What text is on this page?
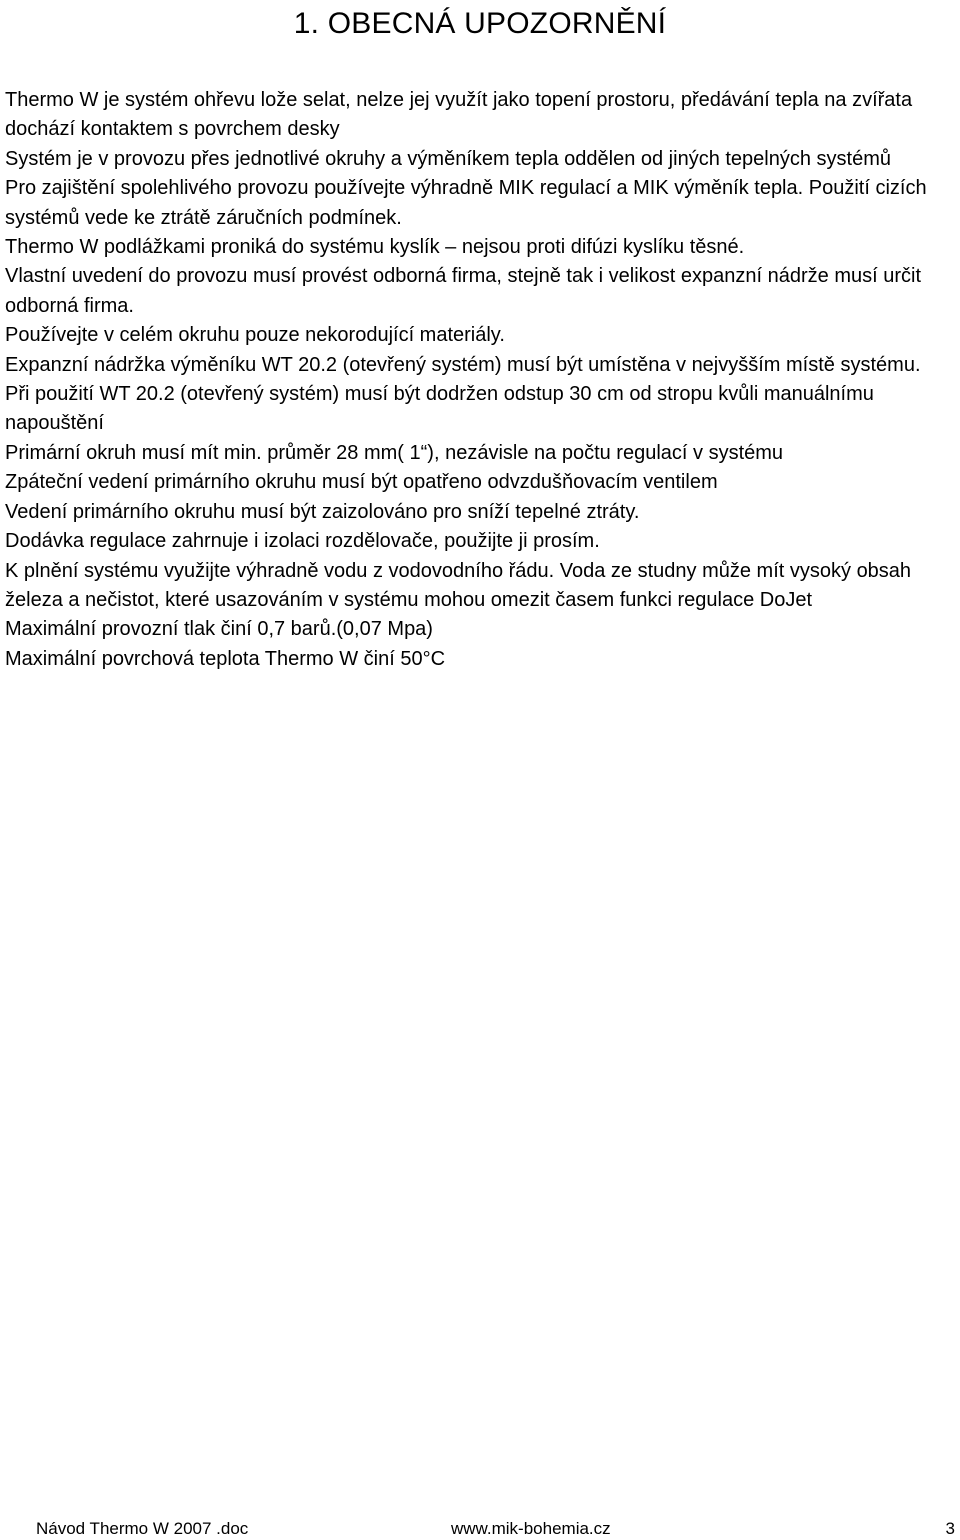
1. OBECNÁ UPOZORNĚNÍ

Thermo W je systém ohřevu lože selat, nelze jej využít jako topení prostoru, předávání tepla na zvířata dochází kontaktem s povrchem desky

Systém je v provozu přes jednotlivé okruhy a výměníkem tepla oddělen od jiných tepelných systémů

Pro zajištění spolehlivého provozu používejte výhradně MIK regulací a MIK výměník tepla. Použití cizích systémů vede ke ztrátě záručních podmínek.

Thermo W podlážkami proniká do systému kyslík – nejsou proti difúzi kyslíku těsné.

Vlastní uvedení do provozu musí provést odborná firma, stejně tak i velikost expanzní nádrže musí určit odborná firma.

Používejte v celém okruhu pouze nekorodující materiály.

Expanzní nádržka výměníku WT 20.2 (otevřený systém) musí být umístěna v nejvyšším místě systému.

Při použití WT 20.2 (otevřený systém) musí být dodržen odstup 30 cm od stropu kvůli manuálnímu napouštění

Primární okruh musí mít min. průměr 28 mm( 1“), nezávisle na počtu regulací v systému

Zpáteční vedení primárního okruhu musí být opatřeno odvzdušňovacím ventilem

Vedení primárního okruhu musí být zaizolováno pro sníží tepelné ztráty.

Dodávka regulace zahrnuje i izolaci rozdělovače, použijte ji prosím.

K plnění systému využijte výhradně vodu z vodovodního řádu. Voda ze studny může mít vysoký obsah železa a nečistot, které usazováním v systému mohou omezit časem funkci regulace DoJet

Maximální provozní tlak činí 0,7 barů.(0,07 Mpa)

Maximální povrchová teplota Thermo W činí 50°C

Návod Thermo W 2007 .doc	www.mik-bohemia.cz	3
